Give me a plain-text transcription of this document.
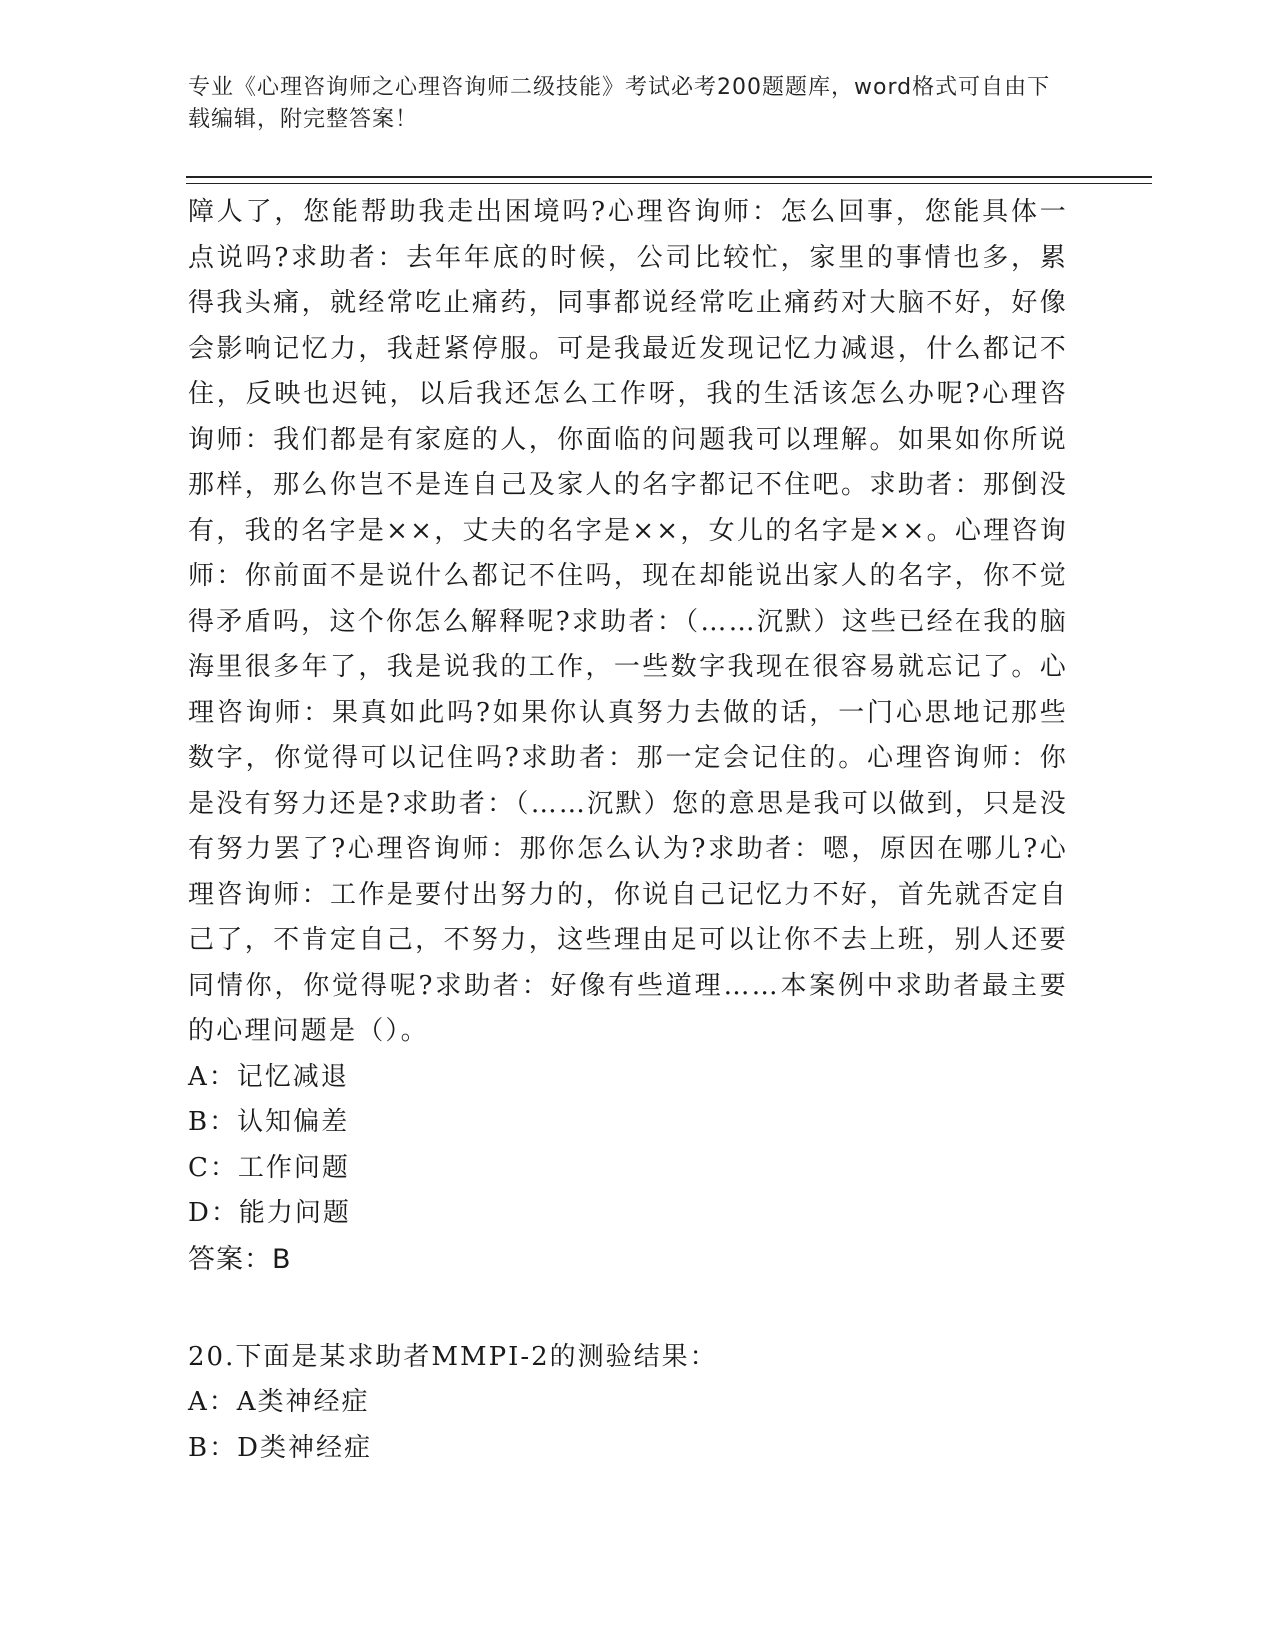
专业《心理咨询师之心理咨询师二级技能》考试必考200题题库，word格式可自由下载编辑，附完整答案！

障人了，您能帮助我走出困境吗?心理咨询师：怎么回事，您能具体一点说吗?求助者：去年年底的时候，公司比较忙，家里的事情也多，累得我头痛，就经常吃止痛药，同事都说经常吃止痛药对大脑不好，好像会影响记忆力，我赶紧停服。可是我最近发现记忆力减退，什么都记不住，反映也迟钝，以后我还怎么工作呀，我的生活该怎么办呢?心理咨询师：我们都是有家庭的人，你面临的问题我可以理解。如果如你所说那样，那么你岂不是连自己及家人的名字都记不住吧。求助者：那倒没有，我的名字是××，丈夫的名字是××，女儿的名字是××。心理咨询师：你前面不是说什么都记不住吗，现在却能说出家人的名字，你不觉得矛盾吗，这个你怎么解释呢?求助者：（……沉默）这些已经在我的脑海里很多年了，我是说我的工作，一些数字我现在很容易就忘记了。心理咨询师：果真如此吗?如果你认真努力去做的话，一门心思地记那些数字，你觉得可以记住吗?求助者：那一定会记住的。心理咨询师：你是没有努力还是?求助者：（……沉默）您的意思是我可以做到，只是没有努力罢了?心理咨询师：那你怎么认为?求助者：嗯，原因在哪儿?心理咨询师：工作是要付出努力的，你说自己记忆力不好，首先就否定自己了，不肯定自己，不努力，这些理由足可以让你不去上班，别人还要同情你，你觉得呢?求助者：好像有些道理……本案例中求助者最主要的心理问题是（）。

A：记忆减退

B：认知偏差

C：工作问题

D：能力问题

答案：B

20.下面是某求助者MMPI-2的测验结果：

A：A类神经症

B：D类神经症
